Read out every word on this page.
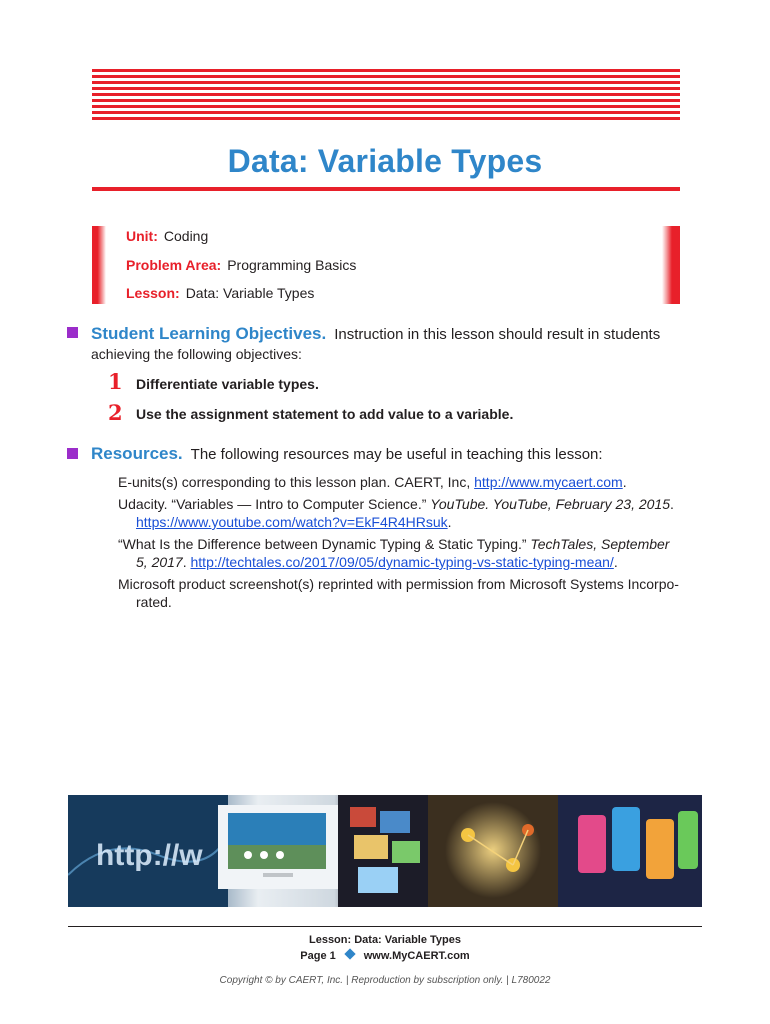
Data: Variable Types
Unit: Coding
Problem Area: Programming Basics
Lesson: Data: Variable Types
Student Learning Objectives. Instruction in this lesson should result in students
achieving the following objectives:
1 Differentiate variable types.
2 Use the assignment statement to add value to a variable.
Resources. The following resources may be useful in teaching this lesson:
E-units(s) corresponding to this lesson plan. CAERT, Inc, http://www.mycaert.com.
Udacity. “Variables — Intro to Computer Science.” YouTube. YouTube, February 23, 2015.
https://www.youtube.com/watch?v=EkF4R4HRsuk.
“What Is the Difference between Dynamic Typing & Static Typing.” TechTales, September
5, 2017. http://techtales.co/2017/09/05/dynamic-typing-vs-static-typing-mean/.
Microsoft product screenshot(s) reprinted with permission from Microsoft Systems Incorpo-
rated.
http://w
Lesson: Data: Variable Types
Page 1	www.MyCAERT.com
Copyright © by CAERT, Inc. | Reproduction by subscription only. | L780022
